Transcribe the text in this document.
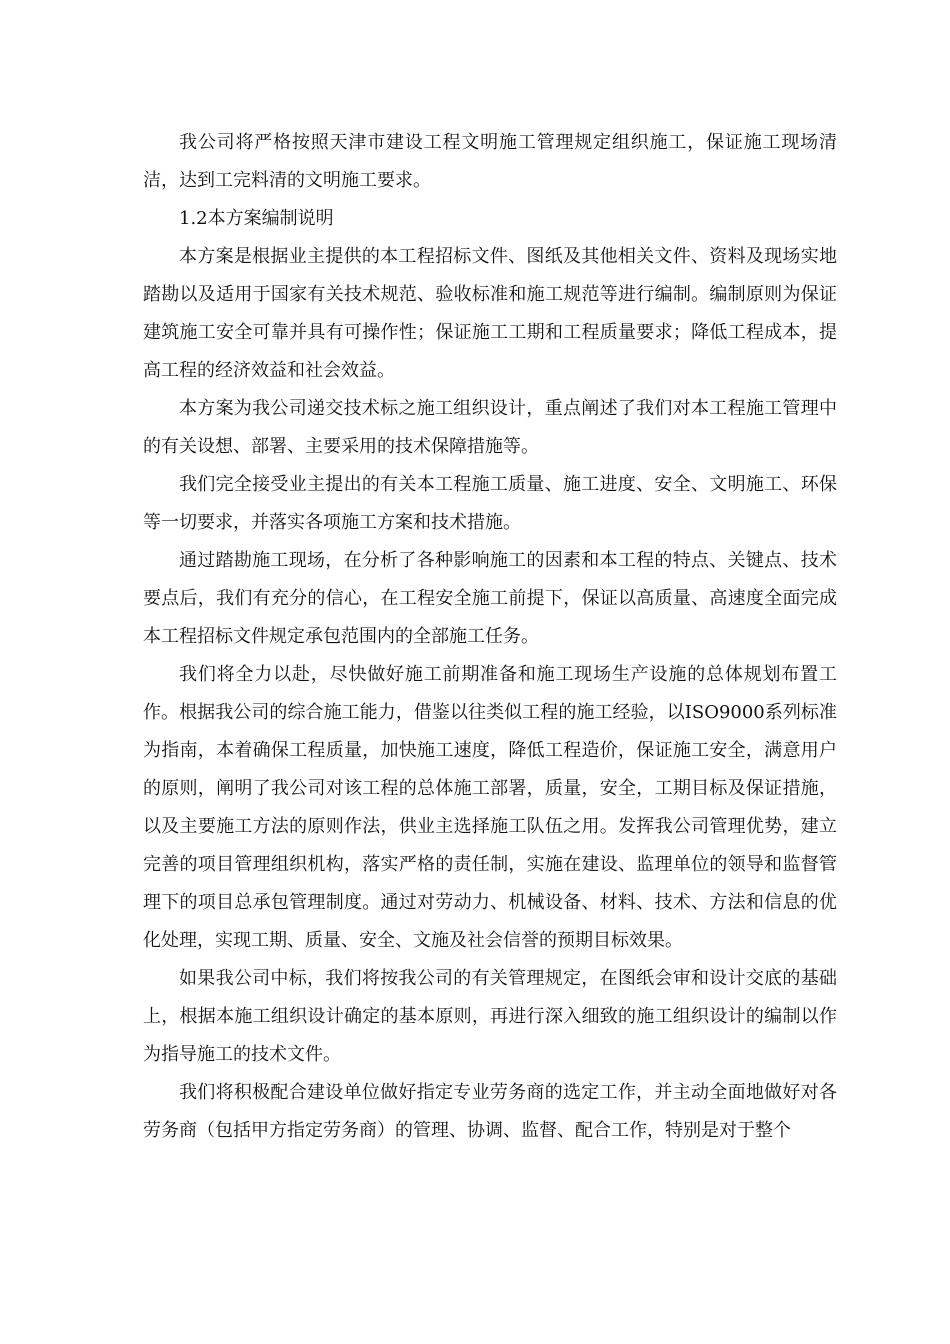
我公司将严格按照天津市建设工程文明施工管理规定组织施工，保证施工现场清洁，达到工完料清的文明施工要求。

1.2本方案编制说明

本方案是根据业主提供的本工程招标文件、图纸及其他相关文件、资料及现场实地踏勘以及适用于国家有关技术规范、验收标准和施工规范等进行编制。编制原则为保证建筑施工安全可靠并具有可操作性；保证施工工期和工程质量要求；降低工程成本，提高工程的经济效益和社会效益。

本方案为我公司递交技术标之施工组织设计，重点阐述了我们对本工程施工管理中的有关设想、部署、主要采用的技术保障措施等。

我们完全接受业主提出的有关本工程施工质量、施工进度、安全、文明施工、环保等一切要求，并落实各项施工方案和技术措施。

通过踏勘施工现场，在分析了各种影响施工的因素和本工程的特点、关键点、技术要点后，我们有充分的信心，在工程安全施工前提下，保证以高质量、高速度全面完成本工程招标文件规定承包范围内的全部施工任务。

我们将全力以赴，尽快做好施工前期准备和施工现场生产设施的总体规划布置工作。根据我公司的综合施工能力，借鉴以往类似工程的施工经验，以ISO9000系列标准为指南，本着确保工程质量，加快施工速度，降低工程造价，保证施工安全，满意用户的原则，阐明了我公司对该工程的总体施工部署，质量，安全，工期目标及保证措施，以及主要施工方法的原则作法，供业主选择施工队伍之用。发挥我公司管理优势，建立完善的项目管理组织机构，落实严格的责任制，实施在建设、监理单位的领导和监督管理下的项目总承包管理制度。通过对劳动力、机械设备、材料、技术、方法和信息的优化处理，实现工期、质量、安全、文施及社会信誉的预期目标效果。

如果我公司中标，我们将按我公司的有关管理规定，在图纸会审和设计交底的基础上，根据本施工组织设计确定的基本原则，再进行深入细致的施工组织设计的编制以作为指导施工的技术文件。

我们将积极配合建设单位做好指定专业劳务商的选定工作，并主动全面地做好对各劳务商（包括甲方指定劳务商）的管理、协调、监督、配合工作，特别是对于整个
